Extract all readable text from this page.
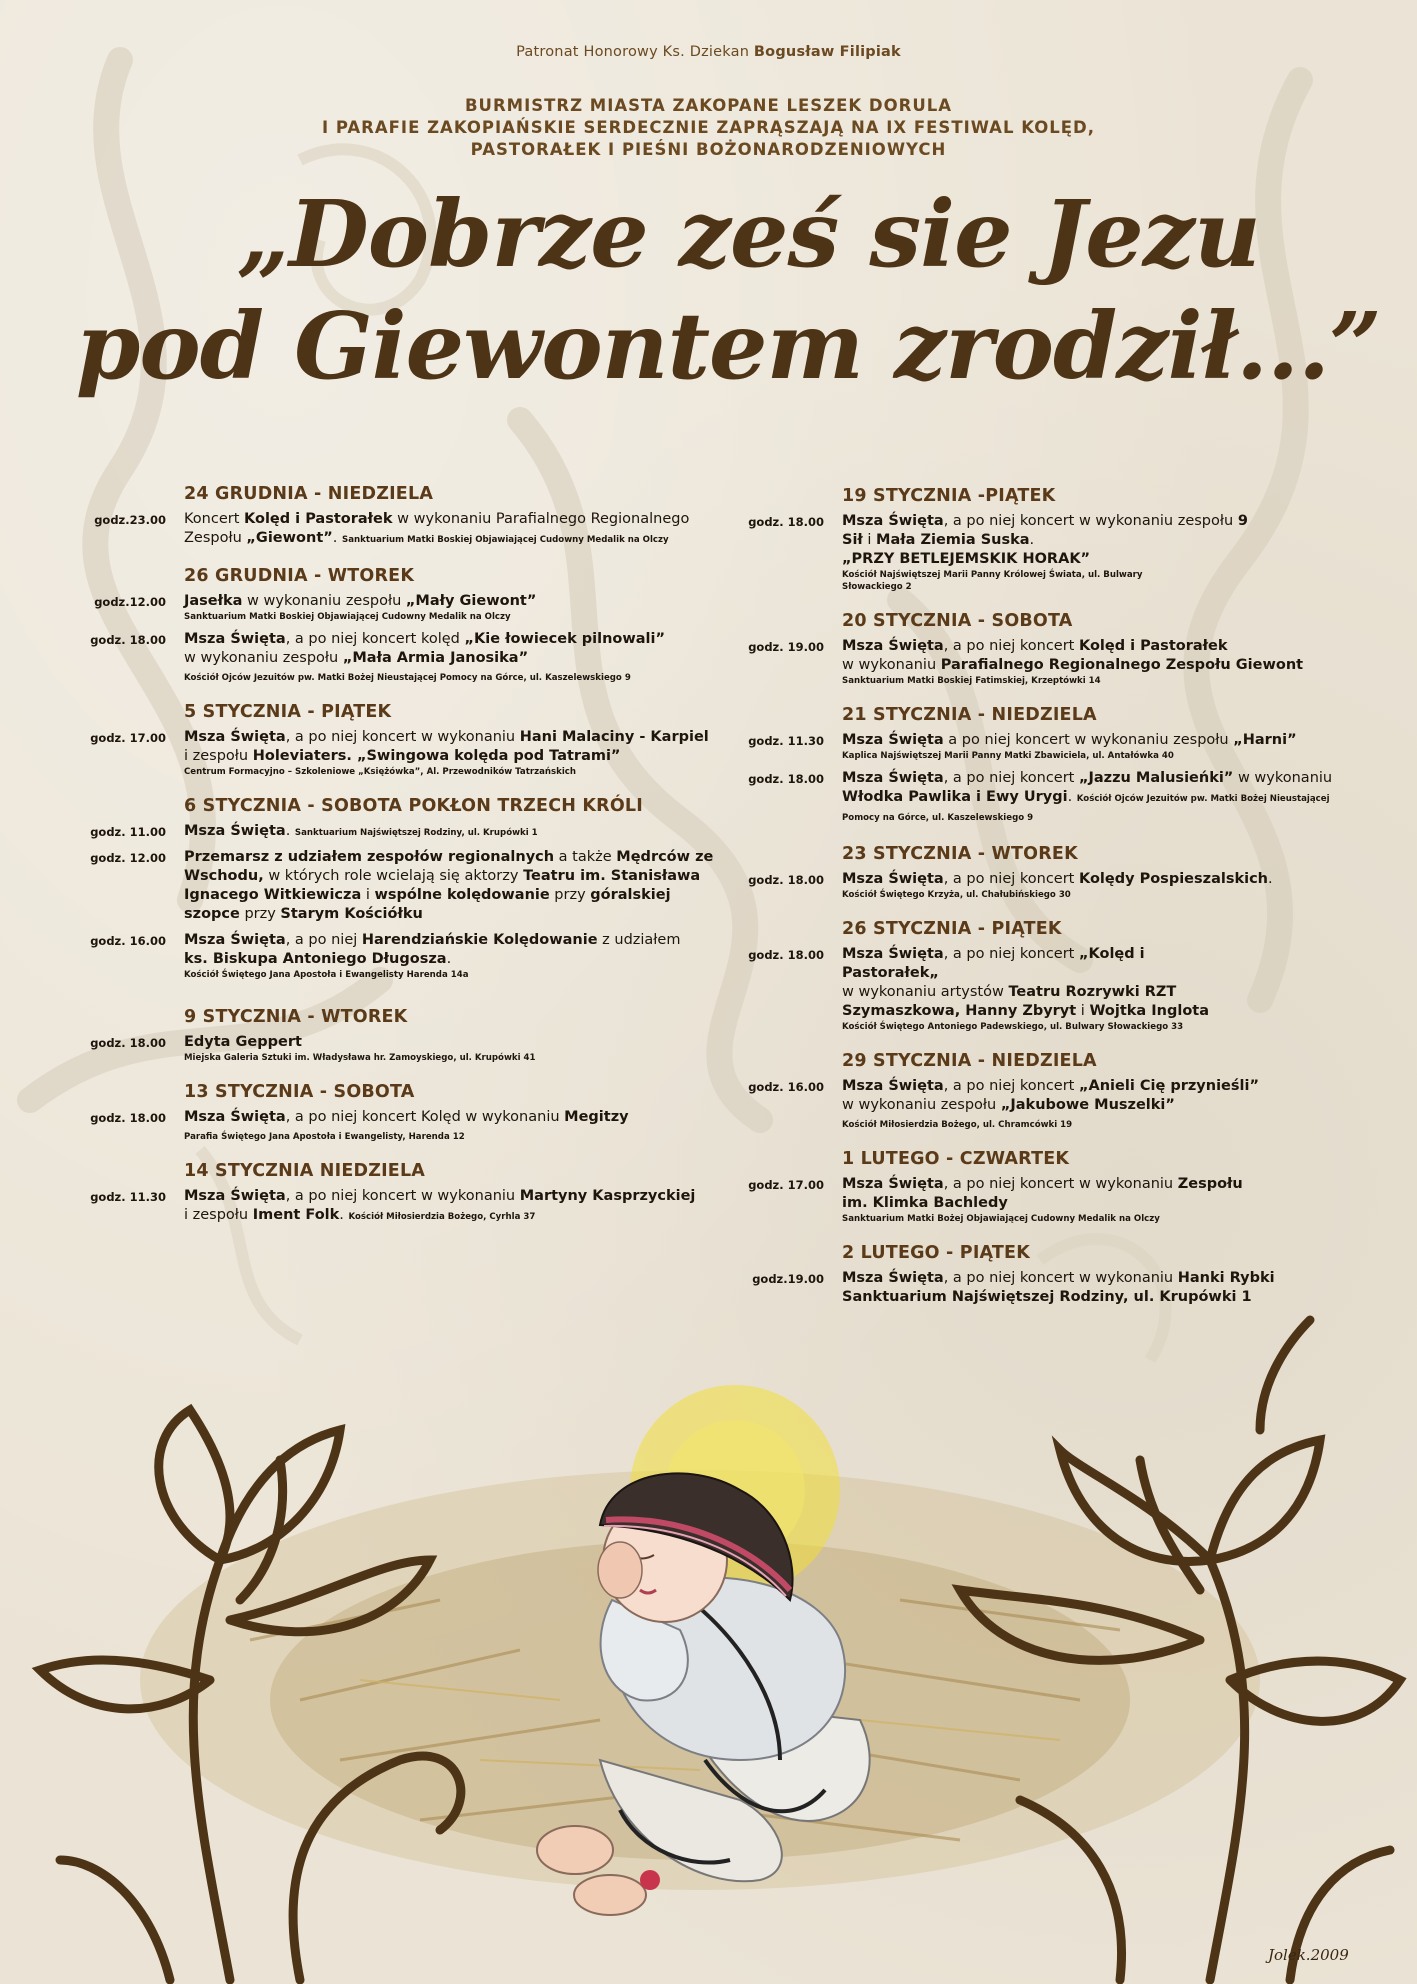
Patronat Honorowy Ks. Dziekan Bogusław Filipiak
BURMISTRZ MIASTA ZAKOPANE LESZEK DORULA
I PARAFIE ZAKOPIAŃSKIE SERDECZNIE ZAPRĄSZAJĄ NA IX FESTIWAL KOLĘD,
PASTORAŁEK I PIEŚNI BOŻONARODZENIOWYCH
„Dobrze ześ sie Jezu
pod Giewontem zrodził...”
24 GRUDNIA - NIEDZIELA
godz.23.00	Koncert Kolęd i Pastorałek w wykonaniu Parafialnego Regionalnego Zespołu „Giewont”. Sanktuarium Matki Boskiej Objawiającej Cudowny Medalik na Olczy
26 GRUDNIA - WTOREK
godz.12.00	Jasełka w wykonaniu zespołu „Mały Giewont”
Sanktuarium Matki Boskiej Objawiającej Cudowny Medalik na Olczy
godz. 18.00	Msza Święta, a po niej koncert kolęd „Kie łowiecek pilnowali”
w wykonaniu zespołu „Mała Armia Janosika”
Kościół Ojców Jezuitów pw. Matki Bożej Nieustającej Pomocy na Górce, ul. Kaszelewskiego 9
5 STYCZNIA - PIĄTEK
godz. 17.00	Msza Święta, a po niej koncert w wykonaniu Hani Malaciny - Karpiel
i zespołu Holeviaters. „Swingowa kolęda pod Tatrami”
Centrum Formacyjno – Szkoleniowe „Księżówka”, Al. Przewodników Tatrzańskich
6 STYCZNIA - SOBOTA POKŁON TRZECH KRÓLI
godz. 11.00	Msza Święta. Sanktuarium Najświętszej Rodziny, ul. Krupówki 1
godz. 12.00	Przemarsz z udziałem zespołów regionalnych a także Mędrców ze Wschodu, w których role wcielają się aktorzy Teatru im. Stanisława Ignacego Witkiewicza i wspólne kolędowanie przy góralskiej szopce przy Starym Kościółku
godz. 16.00	Msza Święta, a po niej Harendziańskie Kolędowanie z udziałem
ks. Biskupa Antoniego Długosza.
Kościół Świętego Jana Apostoła i Ewangelisty Harenda 14a
9 STYCZNIA - WTOREK
godz. 18.00	Edyta Geppert
Miejska Galeria Sztuki im. Władysława hr. Zamoyskiego, ul. Krupówki 41
13 STYCZNIA - SOBOTA
godz. 18.00	Msza Święta, a po niej koncert Kolęd w wykonaniu Megitzy
Parafia Świętego Jana Apostoła i Ewangelisty, Harenda 12
14 STYCZNIA NIEDZIELA
godz. 11.30	Msza Święta, a po niej koncert w wykonaniu Martyny Kasprzyckiej
i zespołu Iment Folk. Kościół Miłosierdzia Bożego, Cyrhla 37
19 STYCZNIA -PIĄTEK
godz. 18.00	Msza Święta, a po niej koncert w wykonaniu zespołu 9 Sił i Mała Ziemia Suska.
„PRZY BETLEJEMSKIK HORAK”
Kościół Najświętszej Marii Panny Królowej Świata, ul. Bulwary Słowackiego 2
20 STYCZNIA - SOBOTA
godz. 19.00	Msza Święta, a po niej koncert Kolęd i Pastorałek
w wykonaniu Parafialnego Regionalnego Zespołu Giewont
Sanktuarium Matki Boskiej Fatimskiej, Krzeptówki 14
21 STYCZNIA - NIEDZIELA
godz. 11.30	Msza Święta a po niej koncert w wykonaniu zespołu „Harni”
Kaplica Najświętszej Marii Panny Matki Zbawiciela, ul. Antałówka 40
godz. 18.00	Msza Święta, a po niej koncert „Jazzu Malusieńki” w wykonaniu
Włodka Pawlika i Ewy Urygi. Kościół Ojców Jezuitów pw. Matki Bożej Nieustającej Pomocy na Górce, ul. Kaszelewskiego 9
23 STYCZNIA - WTOREK
godz. 18.00	Msza Święta, a po niej koncert Kolędy Pospieszalskich.
Kościół Świętego Krzyża, ul. Chałubińskiego 30
26 STYCZNIA - PIĄTEK
godz. 18.00	Msza Święta, a po niej koncert „Kolęd i Pastorałek„
w wykonaniu artystów Teatru Rozrywki RZT Szymaszkowa, Hanny Zbyryt i Wojtka Inglota
Kościół Świętego Antoniego Padewskiego, ul. Bulwary Słowackiego 33
29 STYCZNIA - NIEDZIELA
godz. 16.00	Msza Święta, a po niej koncert „Anieli Cię przynieśli”
w wykonaniu zespołu „Jakubowe Muszelki”
Kościół Miłosierdzia Bożego, ul. Chramcówki 19
1 LUTEGO - CZWARTEK
godz. 17.00	Msza Święta, a po niej koncert w wykonaniu Zespołu im. Klimka Bachledy
Sanktuarium Matki Bożej Objawiającej Cudowny Medalik na Olczy
2 LUTEGO - PIĄTEK
godz.19.00	Msza Święta, a po niej koncert w wykonaniu Hanki Rybki
Sanktuarium Najświętszej Rodziny, ul. Krupówki 1
Jolek.2009
